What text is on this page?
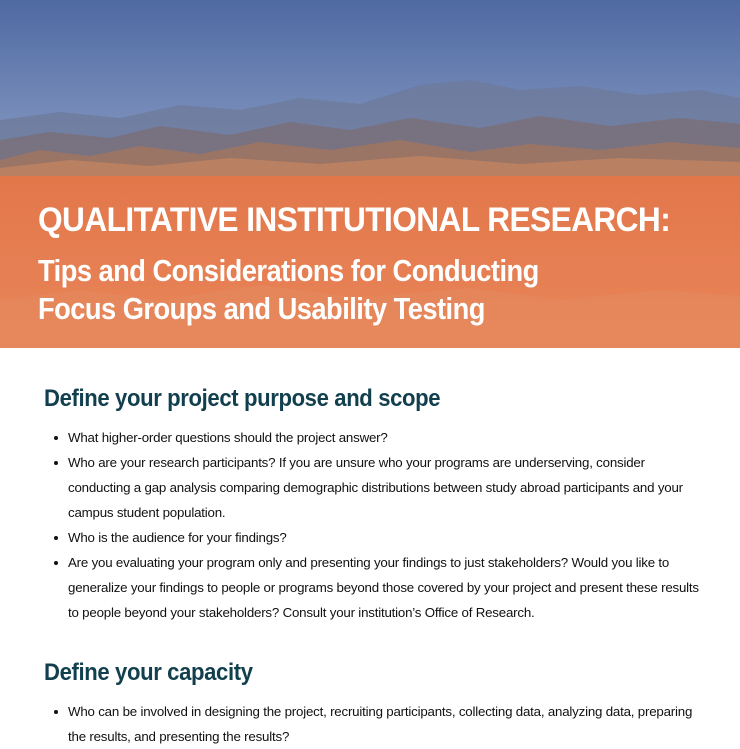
QUALITATIVE INSTITUTIONAL RESEARCH:
Tips and Considerations for Conducting
Focus Groups and Usability Testing
Define your project purpose and scope
What higher-order questions should the project answer?
Who are your research participants? If you are unsure who your programs are underserving, consider conducting a gap analysis comparing demographic distributions between study abroad participants and your campus student population.
Who is the audience for your findings?
Are you evaluating your program only and presenting your findings to just stakeholders? Would you like to generalize your findings to people or programs beyond those covered by your project and present these results to people beyond your stakeholders? Consult your institution’s Office of Research.
Define your capacity
Who can be involved in designing the project, recruiting participants, collecting data, analyzing data, preparing the results, and presenting the results?
